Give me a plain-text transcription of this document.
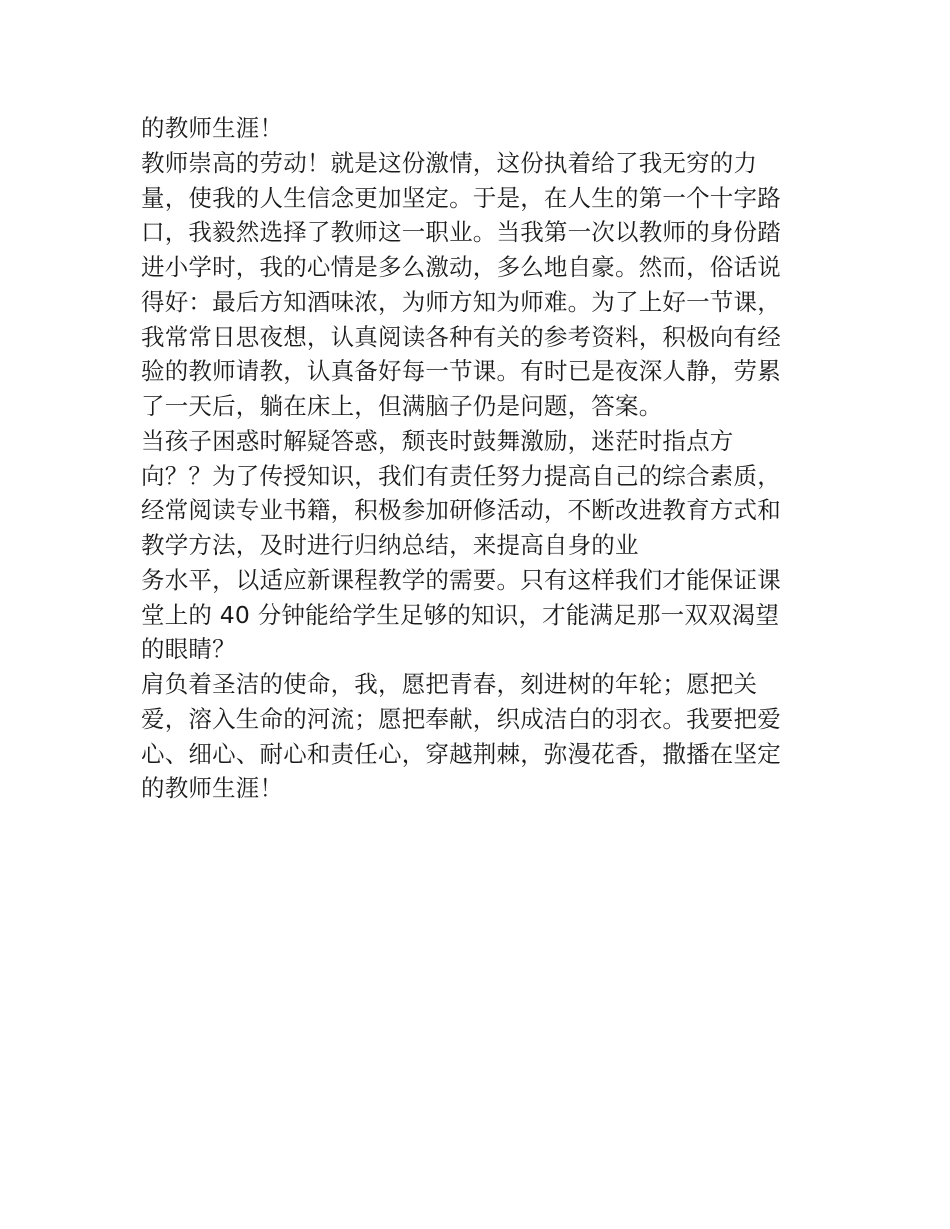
的教师生涯！
教师崇高的劳动！就是这份激情，这份执着给了我无穷的力
量，使我的人生信念更加坚定。于是，在人生的第一个十字路
口，我毅然选择了教师这一职业。当我第一次以教师的身份踏
进小学时，我的心情是多么激动，多么地自豪。然而，俗话说
得好：最后方知酒味浓，为师方知为师难。为了上好一节课，
我常常日思夜想，认真阅读各种有关的参考资料，积极向有经
验的教师请教，认真备好每一节课。有时已是夜深人静，劳累
了一天后，躺在床上，但满脑子仍是问题，答案。
当孩子困惑时解疑答惑，颓丧时鼓舞激励，迷茫时指点方
向？？为了传授知识，我们有责任努力提高自己的综合素质，
经常阅读专业书籍，积极参加研修活动，不断改进教育方式和
教学方法，及时进行归纳总结，来提高自身的业
务水平，以适应新课程教学的需要。只有这样我们才能保证课
堂上的 40 分钟能给学生足够的知识，才能满足那一双双渴望
的眼睛？
肩负着圣洁的使命，我，愿把青春，刻进树的年轮；愿把关
爱，溶入生命的河流；愿把奉献，织成洁白的羽衣。我要把爱
心、细心、耐心和责任心，穿越荆棘，弥漫花香，撒播在坚定
的教师生涯！
